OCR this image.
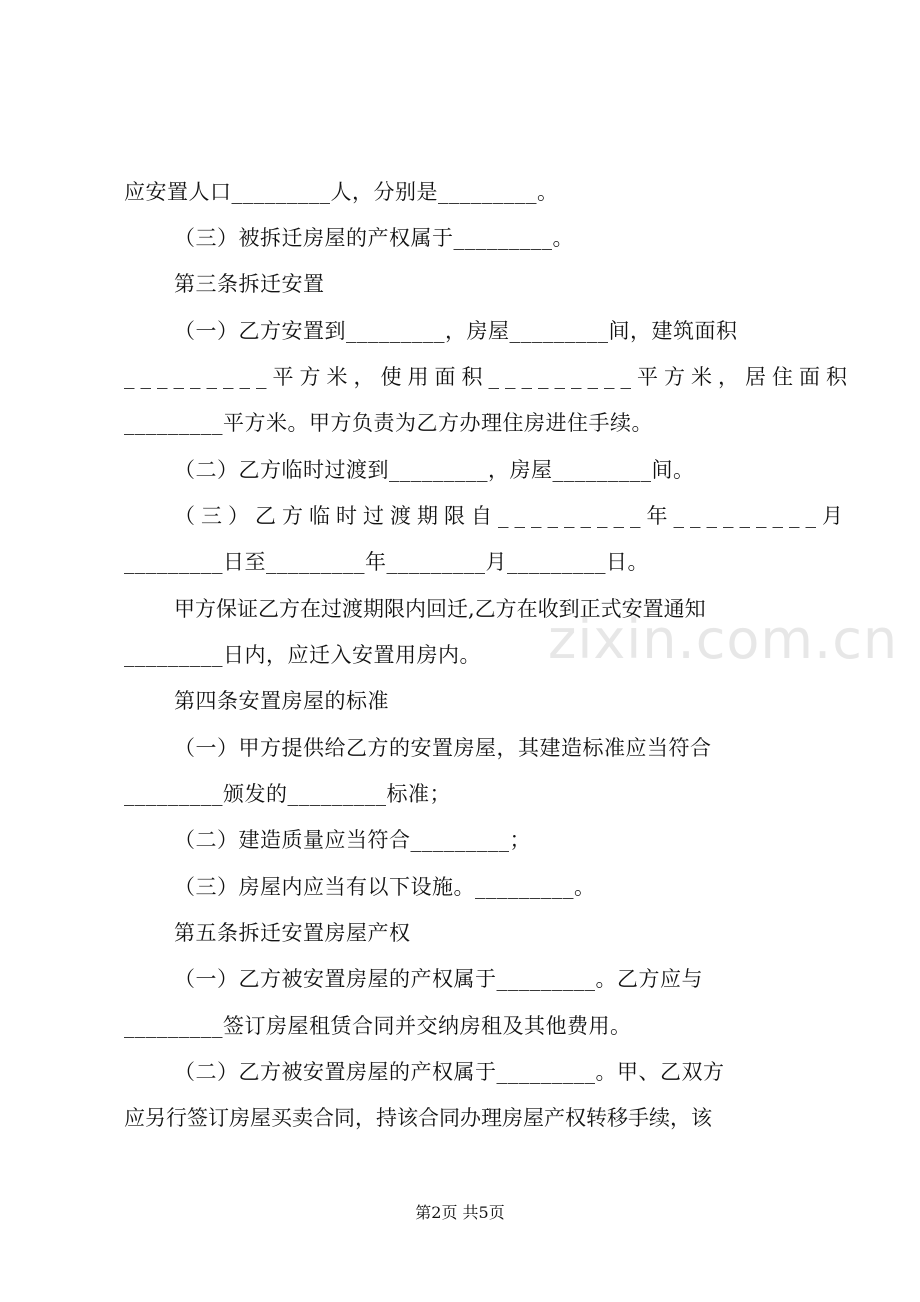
应安置人口_________人，分别是_________。
（三）被拆迁房屋的产权属于_________。
第三条拆迁安置
（一）乙方安置到_________，房屋_________间，建筑面积
_________平方米，使用面积_________平方米，居住面积
_________平方米。甲方负责为乙方办理住房进住手续。
（二）乙方临时过渡到_________，房屋_________间。
（三）乙方临时过渡期限自_________年_________月
_________日至_________年_________月_________日。
甲方保证乙方在过渡期限内回迁,乙方在收到正式安置通知
_________日内，应迁入安置用房内。
第四条安置房屋的标准
（一）甲方提供给乙方的安置房屋，其建造标准应当符合
_________颁发的_________标准；
（二）建造质量应当符合_________；
（三）房屋内应当有以下设施。_________。
第五条拆迁安置房屋产权
（一）乙方被安置房屋的产权属于_________。乙方应与
_________签订房屋租赁合同并交纳房租及其他费用。
（二）乙方被安置房屋的产权属于_________。甲、乙双方
应另行签订房屋买卖合同，持该合同办理房屋产权转移手续，该
zixin.com.cn
第2页 共5页
